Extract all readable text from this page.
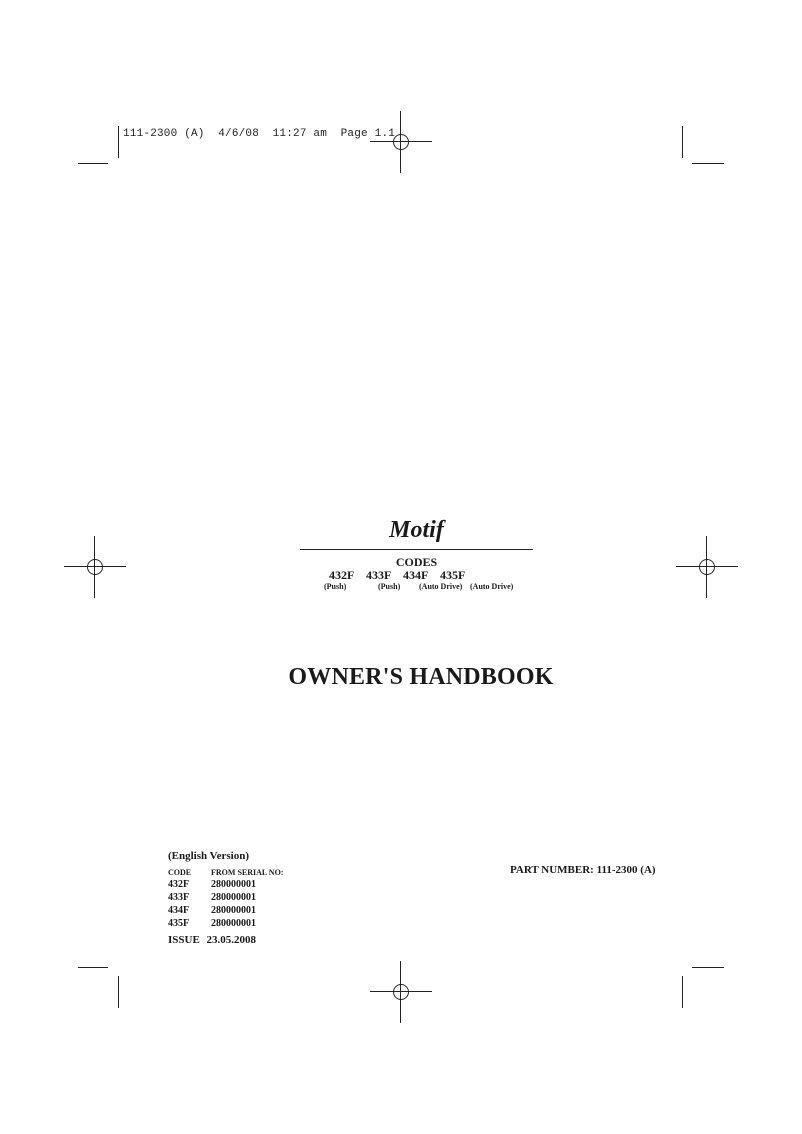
111-2300 (A)  4/6/08  11:27 am  Page 1.1
Motif
CODES
432F 433F 434F 435F
(Push)	(Push) (Auto Drive) (Auto Drive)
OWNER'S HANDBOOK
(English Version)
CODE FROM SERIAL NO:
432F 280000001
433F 280000001
434F 280000001
435F 280000001
ISSUE 23.05.2008
PART NUMBER: 111-2300 (A)
